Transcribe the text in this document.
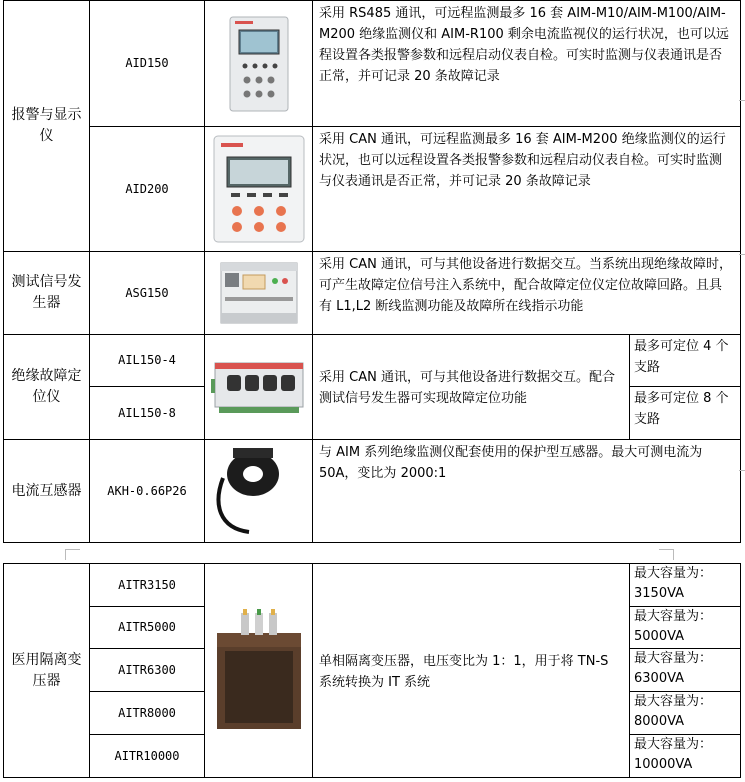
报警与显示仪	AID150		采用 RS485 通讯，可远程监测最多 16 套 AIM-M10/AIM-M100/AIM-M200 绝缘监测仪和 AIM-R100 剩余电流监视仪的运行状况，也可以远程设置各类报警参数和远程启动仪表自检。可实时监测与仪表通讯是否正常，并可记录 20 条故障记录	
	AID200		采用 CAN 通讯，可远程监测最多 16 套 AIM-M200 绝缘监测仪的运行状况，也可以远程设置各类报警参数和远程启动仪表自检。可实时监测与仪表通讯是否正常，并可记录 20 条故障记录	
测试信号发生器	ASG150		采用 CAN 通讯，可与其他设备进行数据交互。当系统出现绝缘故障时，可产生故障定位信号注入系统中，配合故障定位仪定位故障回路。且具有 L1,L2 断线监测功能及故障所在线指示功能	
绝缘故障定位仪	AIL150-4		采用 CAN 通讯，可与其他设备进行数据交互。配合测试信号发生器可实现故障定位功能	最多可定位 4 个支路
	AIL150-8			最多可定位 8 个支路
电流互感器	AKH-0.66P26		与 AIM 系列绝缘监测仪配套使用的保护型互感器。最大可测电流为 50A，变比为 2000:1	
医用隔离变压器	AITR3150		单相隔离变压器，电压变比为 1：1，用于将 TN-S 系统转换为 IT 系统	最大容量为：
3150VA
	AITR5000			最大容量为：
5000VA
	AITR6300			最大容量为：
6300VA
	AITR8000			最大容量为：
8000VA
	AITR10000			最大容量为：
10000VA
